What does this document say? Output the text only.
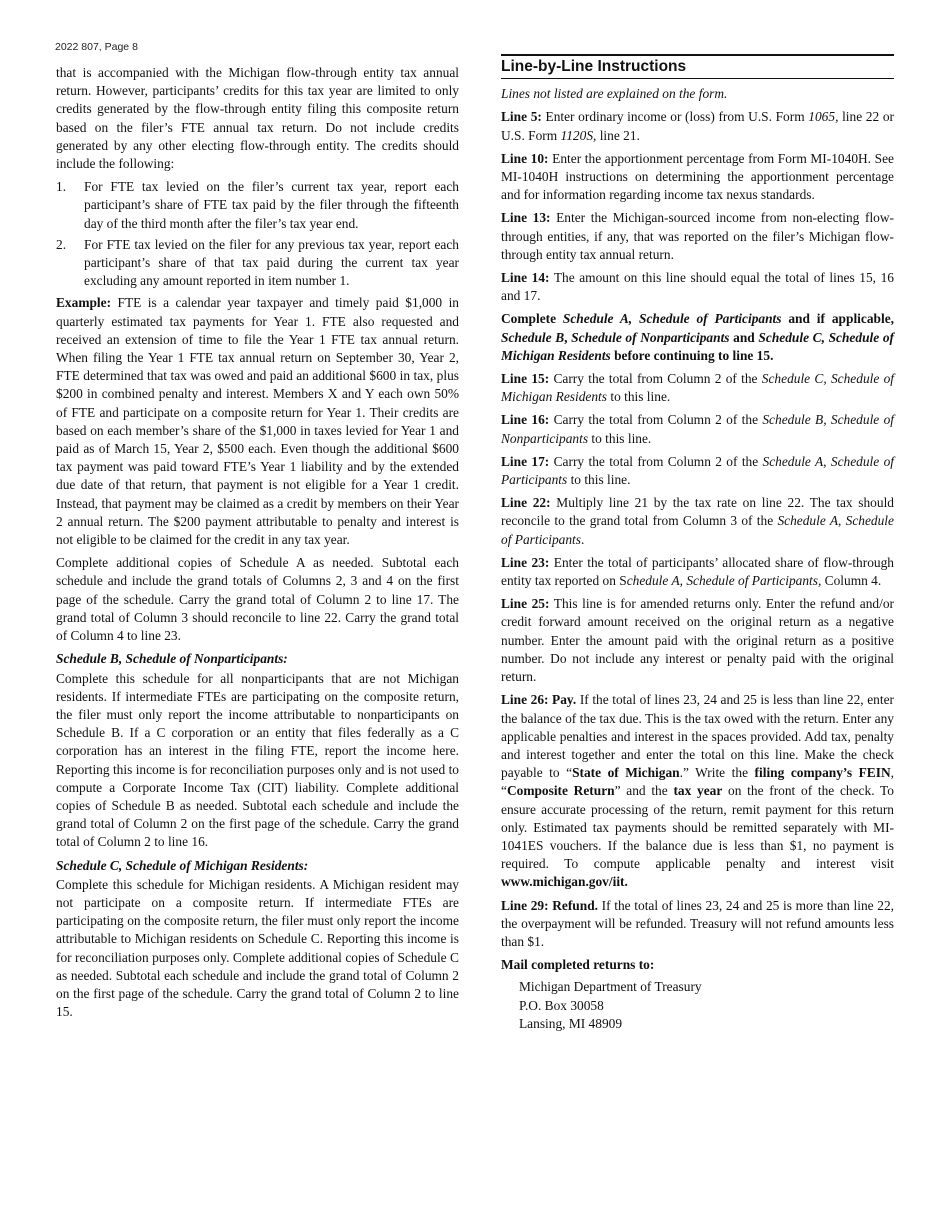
2022 807, Page 8

that is accompanied with the Michigan flow-through entity tax annual return. However, participants’ credits for this tax year are limited to only credits generated by the flow-through entity filing this composite return based on the filer’s FTE annual tax return. Do not include credits generated by any other electing flow-through entity. The credits should include the following:

1. For FTE tax levied on the filer’s current tax year, report each participant’s share of FTE tax paid by the filer through the fifteenth day of the third month after the filer’s tax year end.
2. For FTE tax levied on the filer for any previous tax year, report each participant’s share of that tax paid during the current tax year excluding any amount reported in item number 1.

Example: FTE is a calendar year taxpayer and timely paid $1,000 in quarterly estimated tax payments for Year 1. FTE also requested and received an extension of time to file the Year 1 FTE tax annual return. When filing the Year 1 FTE tax annual return on September 30, Year 2, FTE determined that tax was owed and paid an additional $600 in tax, plus $200 in combined penalty and interest. Members X and Y each own 50% of FTE and participate on a composite return for Year 1. Their credits are based on each member’s share of the $1,000 in taxes levied for Year 1 and paid as of March 15, Year 2, $500 each. Even though the additional $600 tax payment was paid toward FTE’s Year 1 liability and by the extended due date of that return, that payment is not eligible for a Year 1 credit. Instead, that payment may be claimed as a credit by members on their Year 2 annual return. The $200 payment attributable to penalty and interest is not eligible to be claimed for the credit in any tax year.

Complete additional copies of Schedule A as needed. Subtotal each schedule and include the grand totals of Columns 2, 3 and 4 on the first page of the schedule. Carry the grand total of Column 2 to line 17. The grand total of Column 3 should reconcile to line 22. Carry the grand total of Column 4 to line 23.

Schedule B, Schedule of Nonparticipants:

Complete this schedule for all nonparticipants that are not Michigan residents. If intermediate FTEs are participating on the composite return, the filer must only report the income attributable to nonparticipants on Schedule B. If a C corporation or an entity that files federally as a C corporation has an interest in the filing FTE, report the income here. Reporting this income is for reconciliation purposes only and is not used to compute a Corporate Income Tax (CIT) liability. Complete additional copies of Schedule B as needed. Subtotal each schedule and include the grand total of Column 2 on the first page of the schedule. Carry the grand total of Column 2 to line 16.

Schedule C, Schedule of Michigan Residents:

Complete this schedule for Michigan residents. A Michigan resident may not participate on a composite return. If intermediate FTEs are participating on the composite return, the filer must only report the income attributable to Michigan residents on Schedule C. Reporting this income is for reconciliation purposes only. Complete additional copies of Schedule C as needed. Subtotal each schedule and include the grand total of Column 2 on the first page of the schedule. Carry the grand total of Column 2 to line 15.

Line-by-Line Instructions

Lines not listed are explained on the form.

Line 5: Enter ordinary income or (loss) from U.S. Form 1065, line 22 or U.S. Form 1120S, line 21.

Line 10: Enter the apportionment percentage from Form MI-1040H. See MI-1040H instructions on determining the apportionment percentage and for information regarding income tax nexus standards.

Line 13: Enter the Michigan-sourced income from non-electing flow-through entities, if any, that was reported on the filer’s Michigan flow-through entity tax annual return.

Line 14: The amount on this line should equal the total of lines 15, 16 and 17.

Complete Schedule A, Schedule of Participants and if applicable, Schedule B, Schedule of Nonparticipants and Schedule C, Schedule of Michigan Residents before continuing to line 15.

Line 15: Carry the total from Column 2 of the Schedule C, Schedule of Michigan Residents to this line.

Line 16: Carry the total from Column 2 of the Schedule B, Schedule of Nonparticipants to this line.

Line 17: Carry the total from Column 2 of the Schedule A, Schedule of Participants to this line.

Line 22: Multiply line 21 by the tax rate on line 22. The tax should reconcile to the grand total from Column 3 of the Schedule A, Schedule of Participants.

Line 23: Enter the total of participants’ allocated share of flow-through entity tax reported on Schedule A, Schedule of Participants, Column 4.

Line 25: This line is for amended returns only. Enter the refund and/or credit forward amount received on the original return as a negative number. Enter the amount paid with the original return as a positive number. Do not include any interest or penalty paid with the original return.

Line 26: Pay. If the total of lines 23, 24 and 25 is less than line 22, enter the balance of the tax due. This is the tax owed with the return. Enter any applicable penalties and interest in the spaces provided. Add tax, penalty and interest together and enter the total on this line. Make the check payable to “State of Michigan.” Write the filing company’s FEIN, “Composite Return” and the tax year on the front of the check. To ensure accurate processing of the return, remit payment for this return only. Estimated tax payments should be remitted separately with MI-1041ES vouchers. If the balance due is less than $1, no payment is required. To compute applicable penalty and interest visit www.michigan.gov/iit.

Line 29: Refund. If the total of lines 23, 24 and 25 is more than line 22, the overpayment will be refunded. Treasury will not refund amounts less than $1.

Mail completed returns to:

Michigan Department of Treasury
P.O. Box 30058
Lansing, MI 48909
